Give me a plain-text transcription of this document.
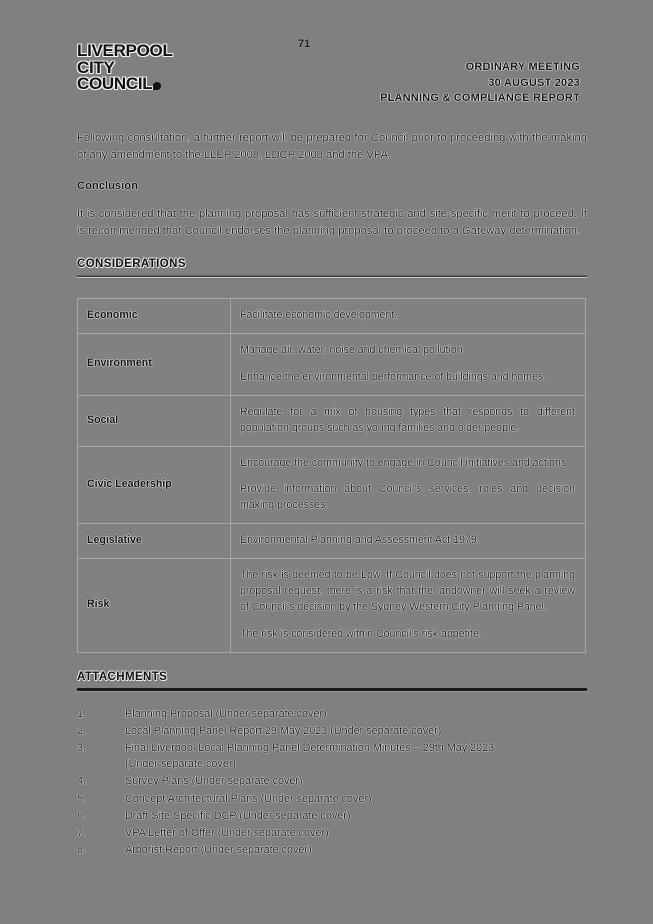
LIVERPOOL
CITY
COUNCIL
71
ORDINARY MEETING
30 AUGUST 2023
PLANNING & COMPLIANCE REPORT

Following consultation, a further report will be prepared for Council prior to proceeding with the making of any amendment to the LLEP 2008, LDCP 2008 and the VPA.

Conclusion

It is considered that the planning proposal has sufficient strategic and site-specific merit to proceed. It is recommended that Council endorses the planning proposal to proceed to a Gateway determination.

CONSIDERATIONS
Economic	Facilitate economic development.

Environment	Manage air, water, noise and chemical pollution.

Enhance the environmental performance of buildings and homes.

Social	Regulate for a mix of housing types that responds to different population groups such as young families and older people.

Civic Leadership	Encourage the community to engage in Council initiatives and actions

Provide information about Council's services, roles and decision making processes.

Legislative	Environmental Planning and Assessment Act 1979.

Risk	The risk is deemed to be Low. If Council does not support the planning proposal request, there is a risk that the landowner will seek a review of Council's decision by the Sydney Western City Planning Panel.

The risk is considered within Council's risk appetite.

ATTACHMENTS
1.	Planning Proposal (Under separate cover)
2.	Local Planning Panel Report 29 May 2023 (Under separate cover)
3.	Final Liverpool Local Planning Panel Determination Minutes – 29th May 2023
(Under separate cover)
4.	Survey Plans (Under separate cover)
5.	Concept Architectural Plans (Under separate cover)
6.	Draft Site Specific DCP (Under separate cover)
7.	VPA Letter of Offer (Under separate cover)
8.	Arborist Report (Under separate cover)
